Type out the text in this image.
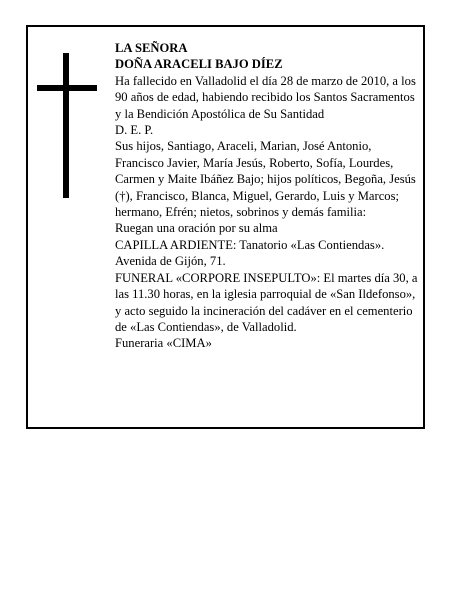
LA SEÑORA

DOÑA ARACELI BAJO DÍEZ

Ha fallecido en Valladolid el día 28 de marzo de 2010, a los 90 años de edad, habiendo recibido los Santos Sacramentos y la Bendición Apostólica de Su Santidad

D. E. P.

Sus hijos, Santiago, Araceli, Marian, José Antonio, Francisco Javier, María Jesús, Roberto, Sofía, Lourdes, Carmen y Maite Ibáñez Bajo; hijos políticos, Begoña, Jesús (†), Francisco, Blanca, Miguel, Gerardo, Luis y Marcos; hermano, Efrén; nietos, sobrinos y demás familia:

Ruegan una oración por su alma

CAPILLA ARDIENTE: Tanatorio «Las Contiendas». Avenida de Gijón, 71.

FUNERAL «CORPORE INSEPULTO»: El martes día 30, a las 11.30 horas, en la iglesia parroquial de «San Ildefonso», y acto seguido la incineración del cadáver en el cementerio de «Las Contiendas», de Valladolid.

Funeraria «CIMA»
